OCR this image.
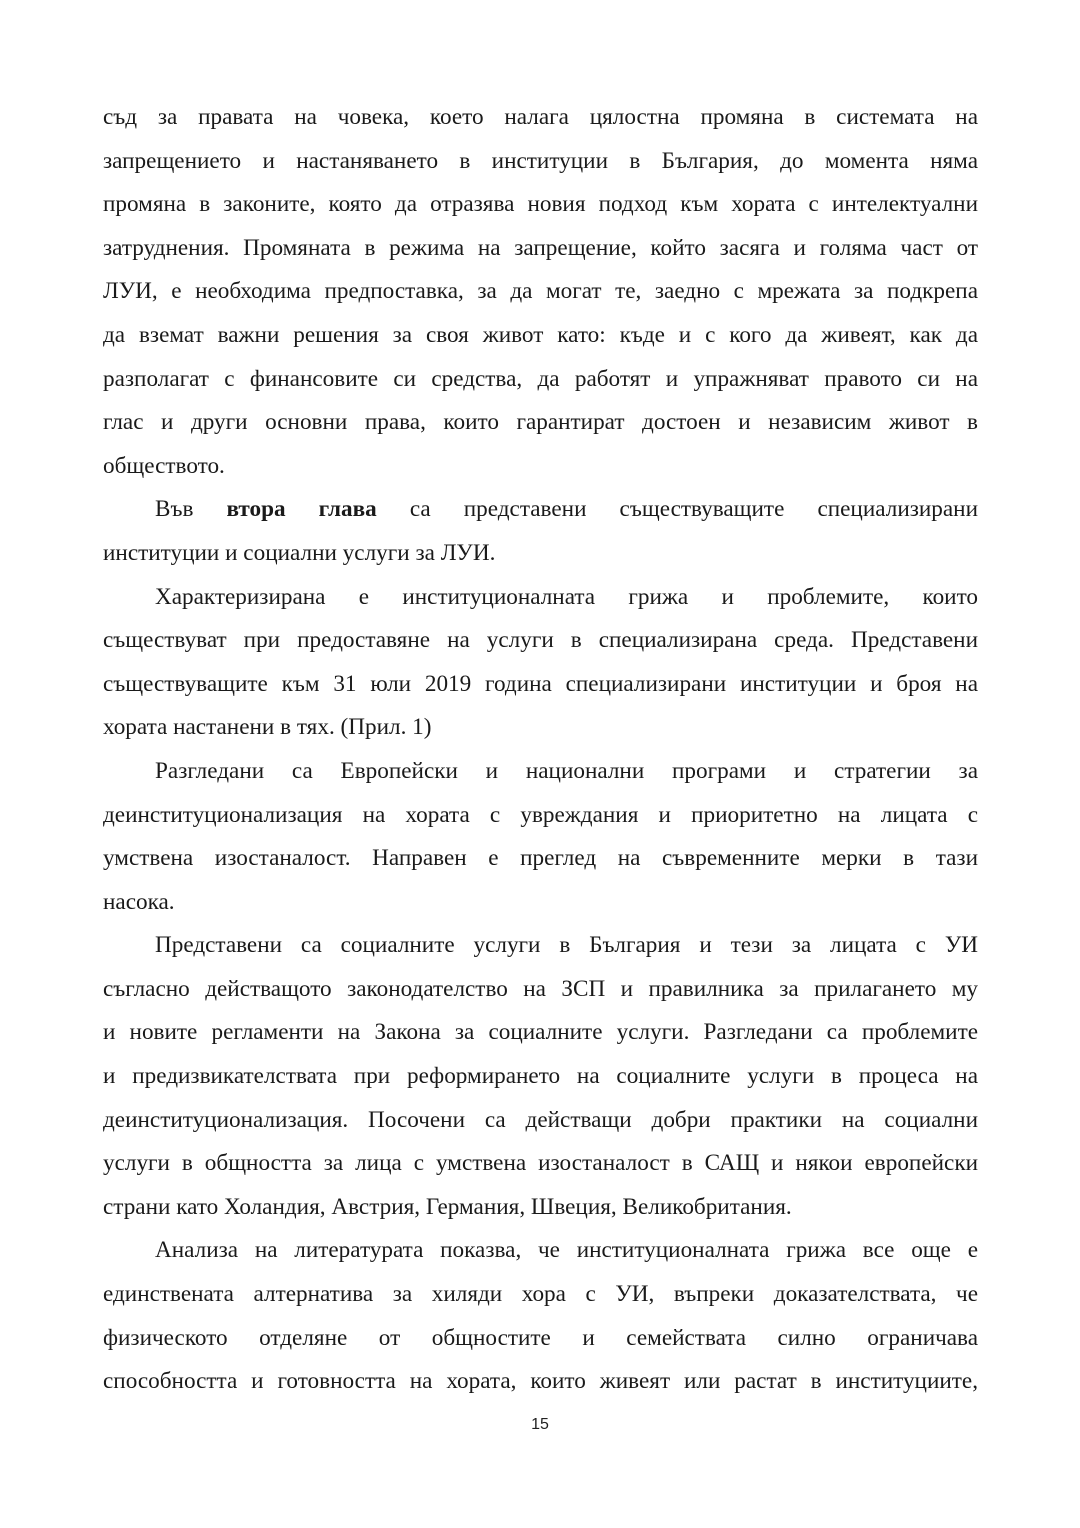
съд за правата на човека, което налага цялостна промяна в системата на
запрещението и настаняването в институции в България, до момента няма
промяна в законите, която да отразява новия подход към хората с интелектуални
затруднения. Промяната в режима на запрещение, който засяга и голяма част от
ЛУИ, е необходима предпоставка, за да могат те, заедно с мрежата за подкрепа
да вземат важни решения за своя живот като: къде и с кого да живеят, как да
разполагат с финансовите си средства, да работят и упражняват правото си на
глас и други основни права, които гарантират достоен и независим живот в
обществото.

Във втора глава са представени съществуващите специализирани
институции и социални услуги за ЛУИ.

Характеризирана е институционалната грижа и проблемите, които
съществуват при предоставяне на услуги в специализирана среда. Представени
съществуващите към 31 юли 2019 година специализирани институции и броя на
хората настанени в тях. (Прил. 1)

Разгледани са Европейски и национални програми и стратегии за
деинституционализация на хората с увреждания и приоритетно на лицата с
умствена изостаналост. Направен е преглед на съвременните мерки в тази
насока.

Представени са социалните услуги в България и тези за лицата с УИ
съгласно действащото законодателство на ЗСП и правилника за прилагането му
и новите регламенти на Закона за социалните услуги. Разгледани са проблемите
и предизвикателствата при реформирането на социалните услуги в процеса на
деинституционализация. Посочени са действащи добри практики на социални
услуги в общността за лица с умствена изостаналост в САЩ и някои европейски
страни като Холандия, Австрия, Германия, Швеция, Великобритания.

Анализа на литературата показва, че институционалната грижа все още е
единствената алтернатива за хиляди хора с УИ, въпреки доказателствата, че
физическото отделяне от общностите и семействата силно ограничава
способността и готовността на хората, които живеят или растат в институциите,

15
